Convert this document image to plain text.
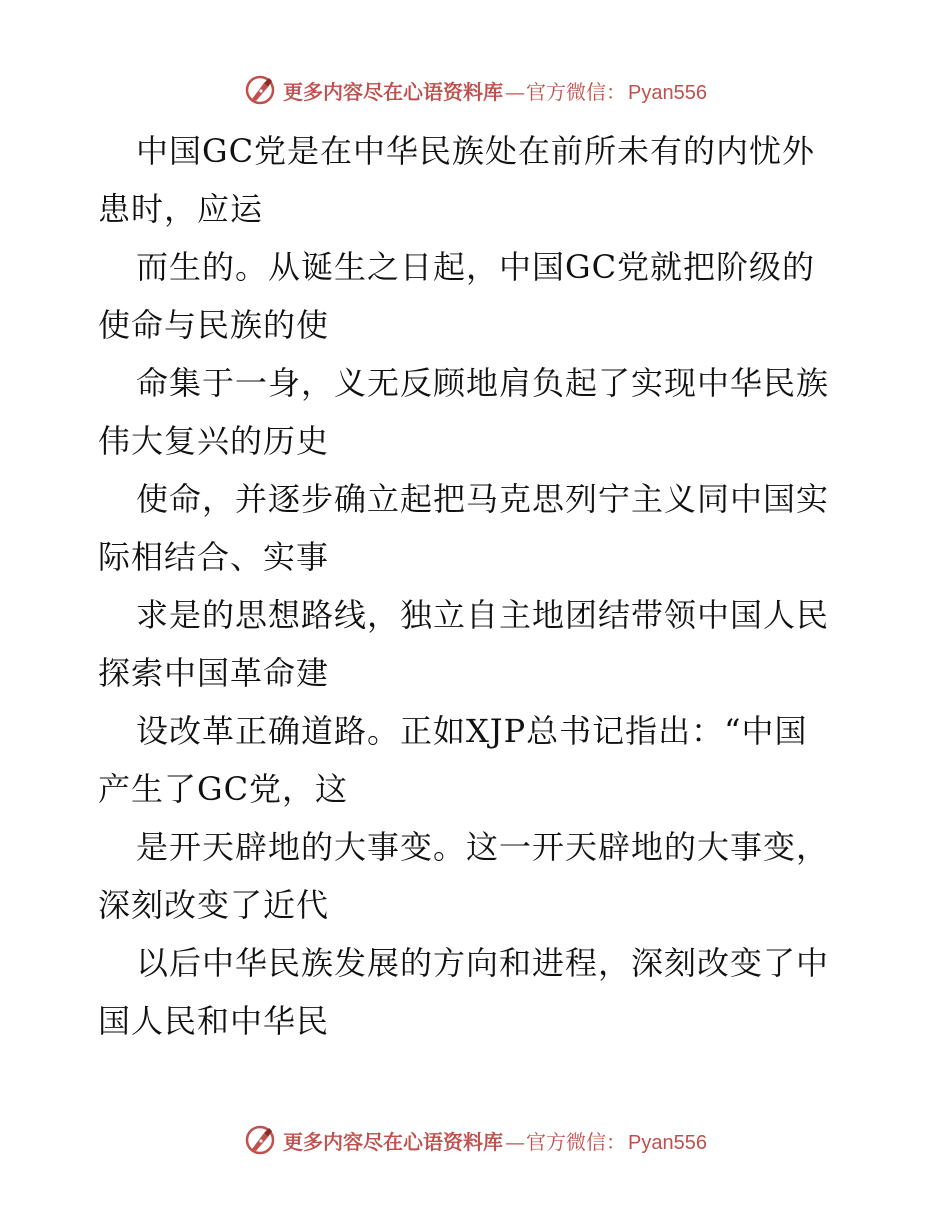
更多内容尽在心语资料库 — 官方微信： Pyan556

中国GC党是在中华民族处在前所未有的内忧外
患时，应运

而生的。从诞生之日起，中国GC党就把阶级的
使命与民族的使

命集于一身，义无反顾地肩负起了实现中华民族
伟大复兴的历史

使命，并逐步确立起把马克思列宁主义同中国实
际相结合、实事

求是的思想路线，独立自主地团结带领中国人民
探索中国革命建

设改革正确道路。正如XJP总书记指出：“中国
产生了GC党，这

是开天辟地的大事变。这一开天辟地的大事变，
深刻改变了近代

以后中华民族发展的方向和进程，深刻改变了中
国人民和中华民

更多内容尽在心语资料库 — 官方微信： Pyan556
